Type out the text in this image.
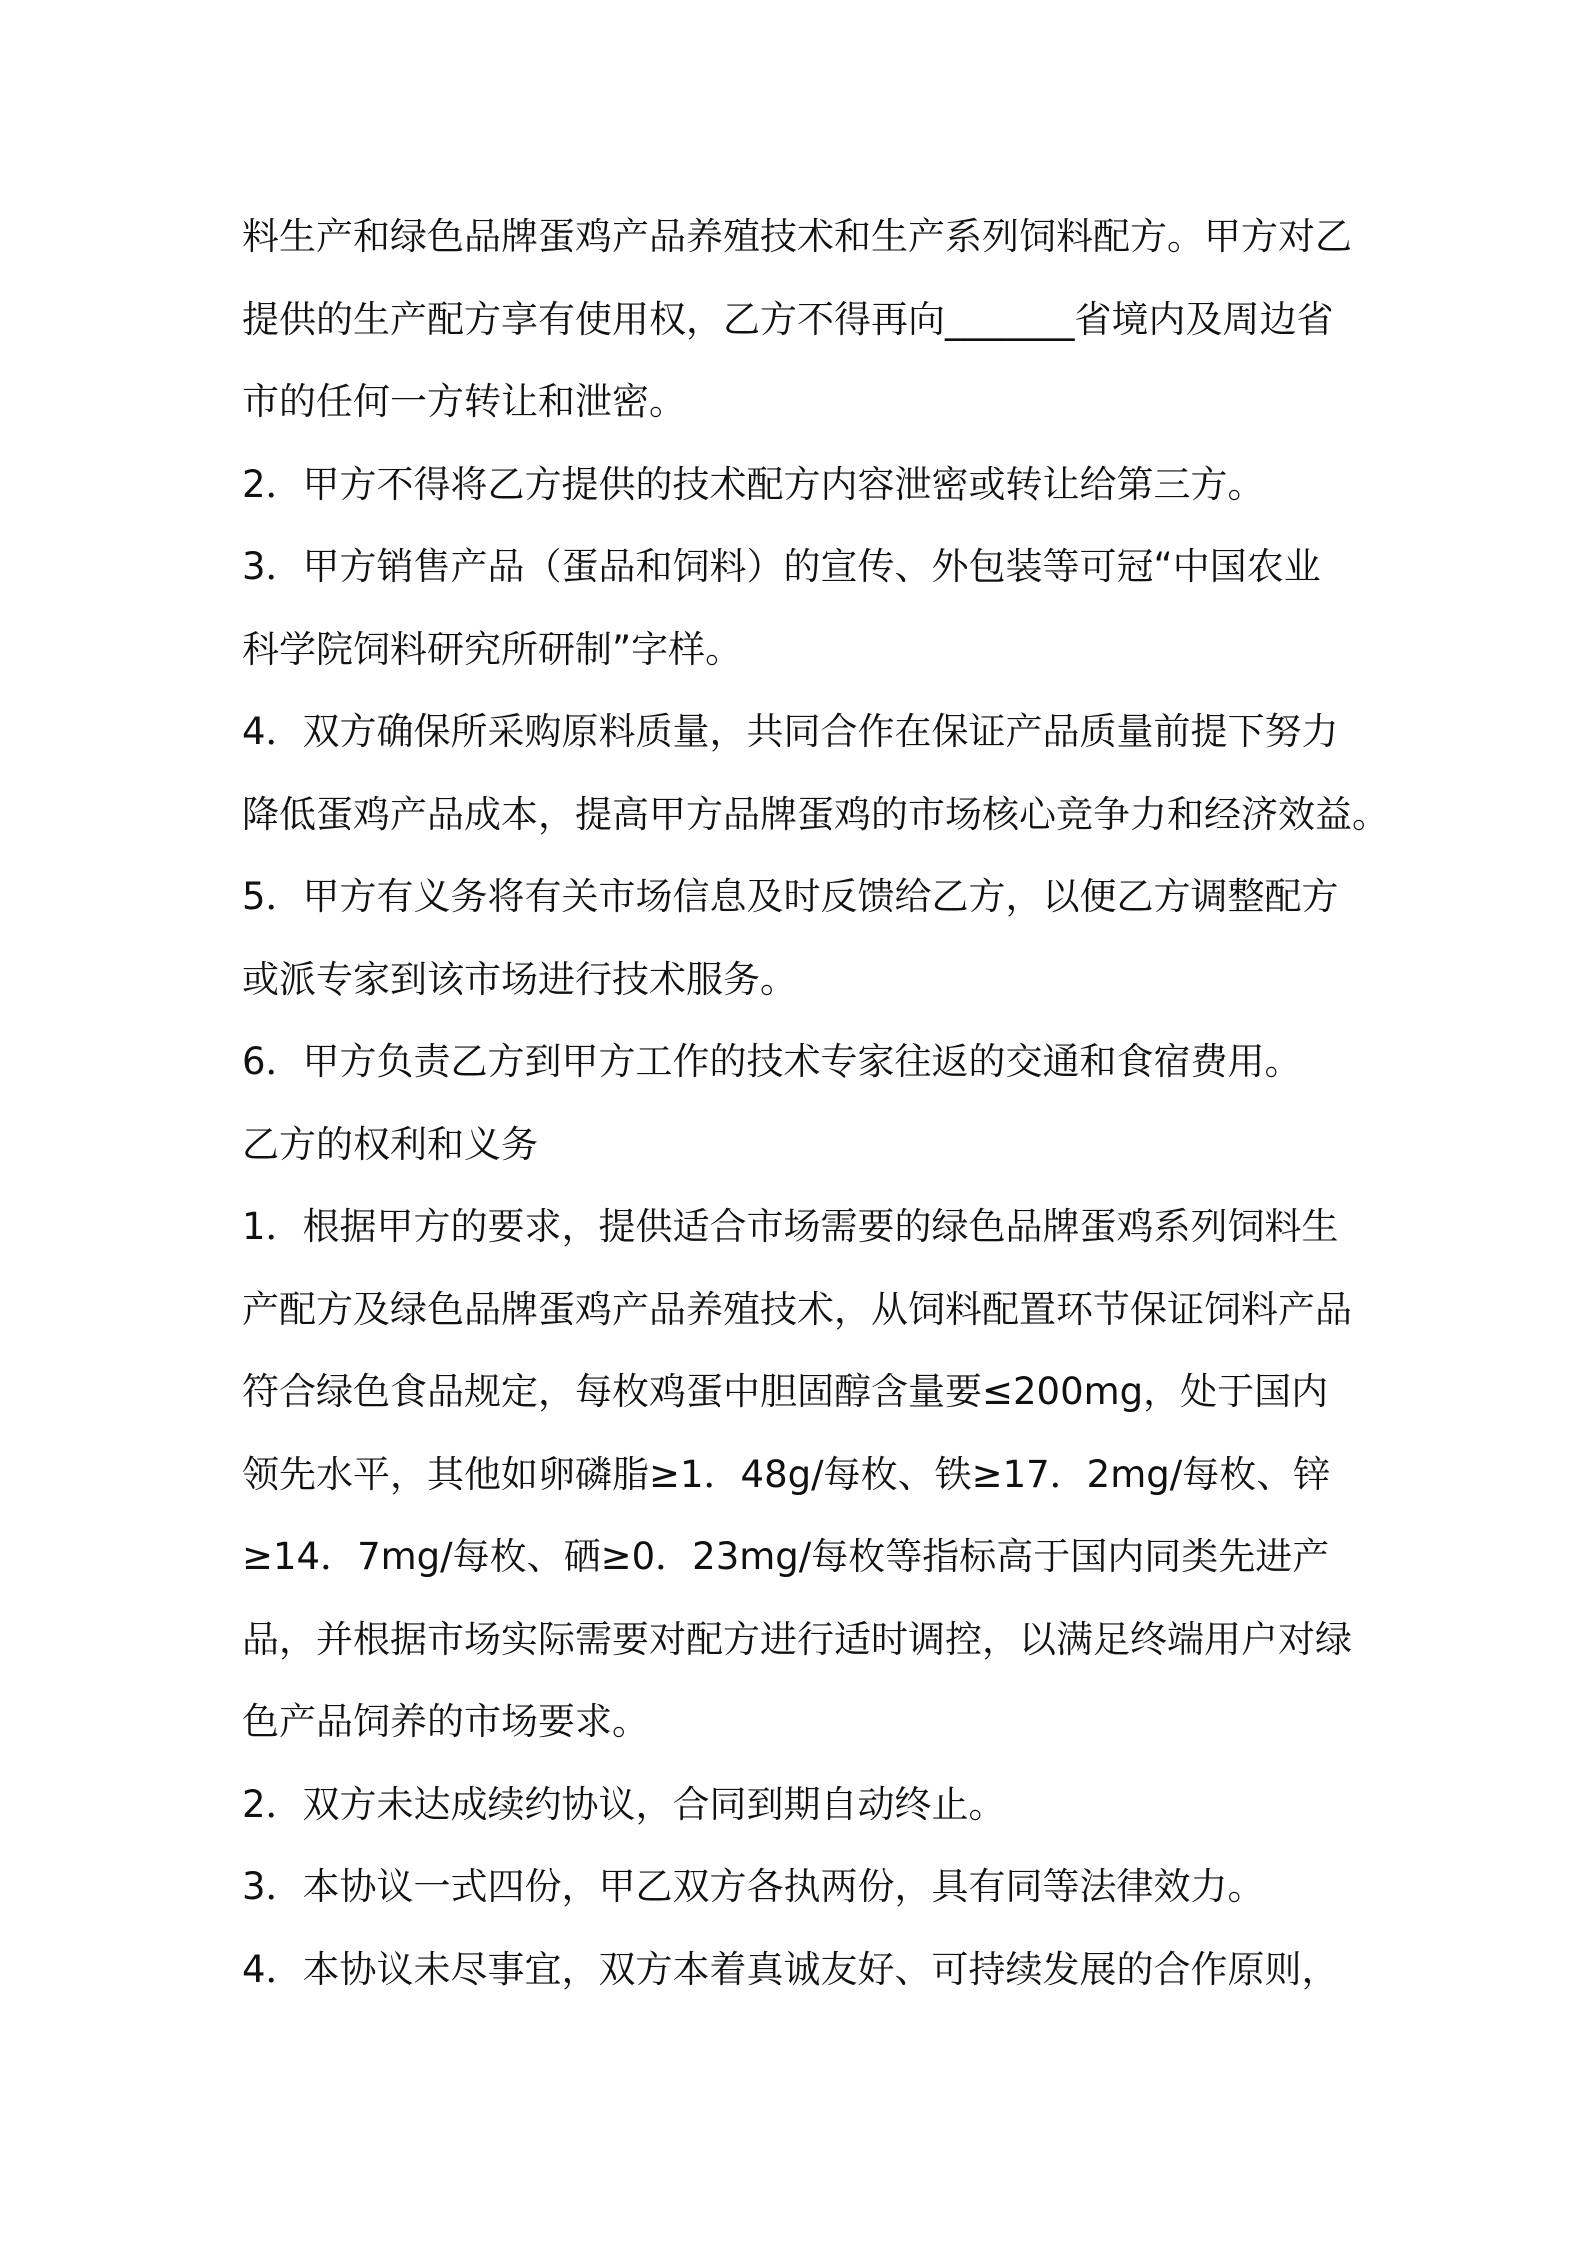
料生产和绿色品牌蛋鸡产品养殖技术和生产系列饲料配方。甲方对乙
提供的生产配方享有使用权，乙方不得再向_______省境内及周边省
市的任何一方转让和泄密。
2．甲方不得将乙方提供的技术配方内容泄密或转让给第三方。
3．甲方销售产品（蛋品和饲料）的宣传、外包装等可冠“中国农业
科学院饲料研究所研制”字样。
4．双方确保所采购原料质量，共同合作在保证产品质量前提下努力
降低蛋鸡产品成本，提高甲方品牌蛋鸡的市场核心竞争力和经济效益。
5．甲方有义务将有关市场信息及时反馈给乙方，以便乙方调整配方
或派专家到该市场进行技术服务。
6．甲方负责乙方到甲方工作的技术专家往返的交通和食宿费用。
乙方的权利和义务
1．根据甲方的要求，提供适合市场需要的绿色品牌蛋鸡系列饲料生
产配方及绿色品牌蛋鸡产品养殖技术，从饲料配置环节保证饲料产品
符合绿色食品规定，每枚鸡蛋中胆固醇含量要≤200mg，处于国内
领先水平，其他如卵磷脂≥1．48g/每枚、铁≥17．2mg/每枚、锌
≥14．7mg/每枚、硒≥0．23mg/每枚等指标高于国内同类先进产
品，并根据市场实际需要对配方进行适时调控，以满足终端用户对绿
色产品饲养的市场要求。
2．双方未达成续约协议，合同到期自动终止。
3．本协议一式四份，甲乙双方各执两份，具有同等法律效力。
4．本协议未尽事宜，双方本着真诚友好、可持续发展的合作原则，
